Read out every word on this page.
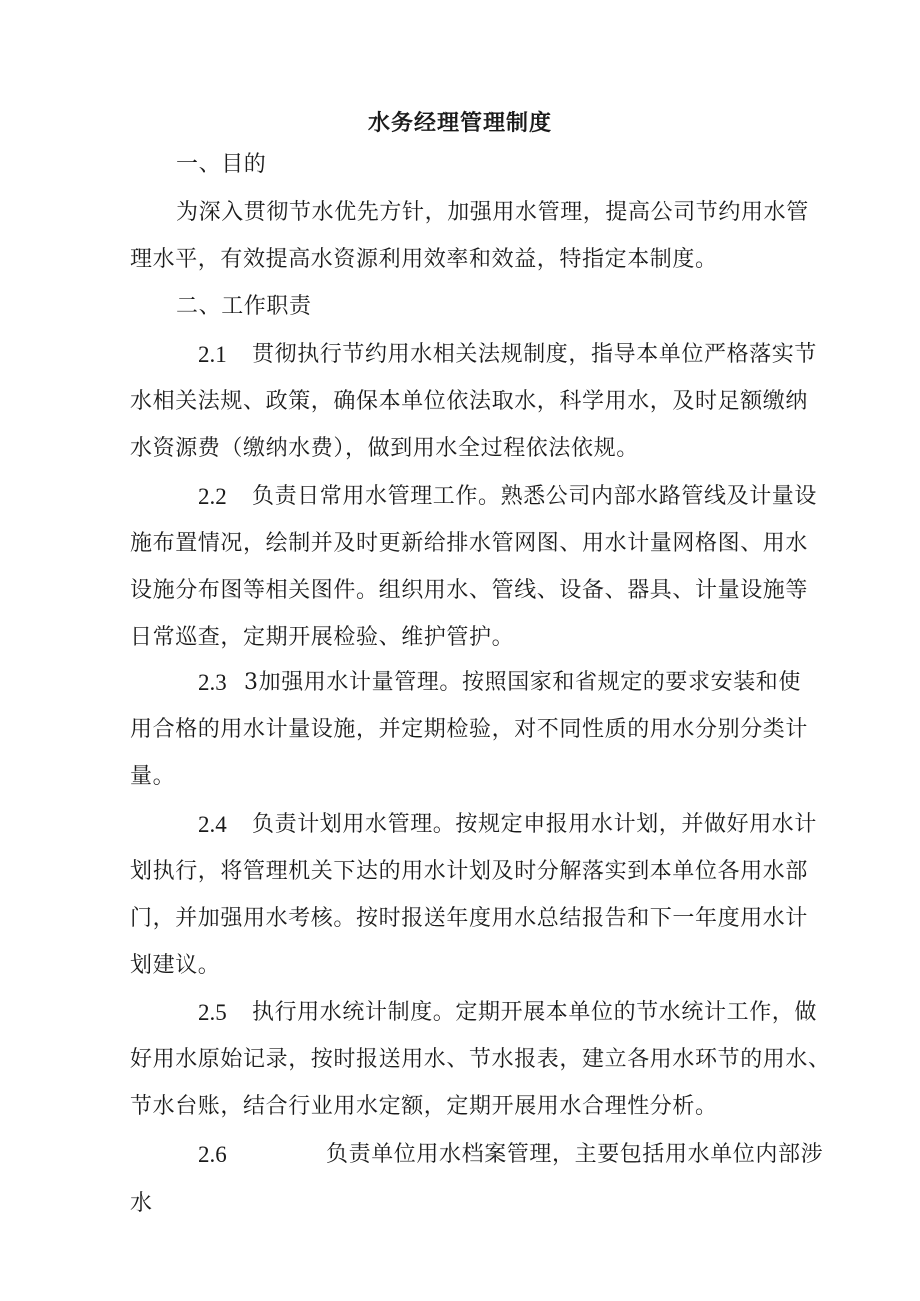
水务经理管理制度
一、目的
为深入贯彻节水优先方针，加强用水管理，提高公司节约用水管
理水平，有效提高水资源利用效率和效益，特指定本制度。
二、工作职责
2.1	贯彻执行节约用水相关法规制度，指导本单位严格落实节
水相关法规、政策，确保本单位依法取水，科学用水，及时足额缴纳
水资源费（缴纳水费），做到用水全过程依法依规。
2.2	负责日常用水管理工作。熟悉公司内部水路管线及计量设
施布置情况，绘制并及时更新给排水管网图、用水计量网格图、用水
设施分布图等相关图件。组织用水、管线、设备、器具、计量设施等
日常巡查，定期开展检验、维护管护。
2.3 3加强用水计量管理。按照国家和省规定的要求安装和使
用合格的用水计量设施，并定期检验，对不同性质的用水分别分类计
量。
2.4	负责计划用水管理。按规定申报用水计划，并做好用水计
划执行，将管理机关下达的用水计划及时分解落实到本单位各用水部
门，并加强用水考核。按时报送年度用水总结报告和下一年度用水计
划建议。
2.5	执行用水统计制度。定期开展本单位的节水统计工作，做
好用水原始记录，按时报送用水、节水报表，建立各用水环节的用水、
节水台账，结合行业用水定额，定期开展用水合理性分析。
2.6	负责单位用水档案管理，主要包括用水单位内部涉
水
